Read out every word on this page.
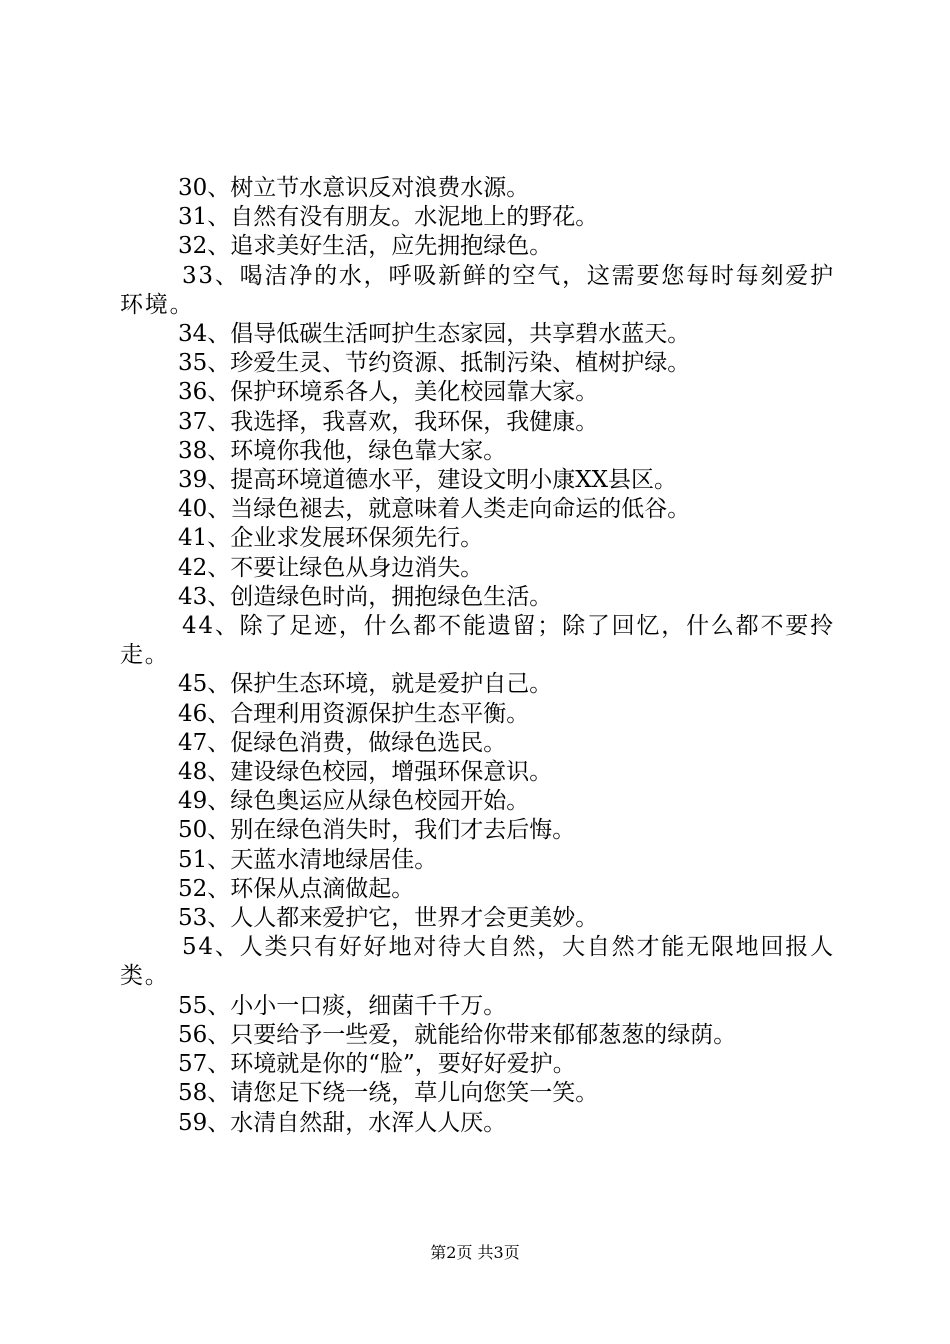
30、树立节水意识反对浪费水源。

31、自然有没有朋友。水泥地上的野花。

32、追求美好生活，应先拥抱绿色。

33、喝洁净的水，呼吸新鲜的空气，这需要您每时每刻爱护环境。

34、倡导低碳生活呵护生态家园，共享碧水蓝天。

35、珍爱生灵、节约资源、抵制污染、植树护绿。

36、保护环境系各人，美化校园靠大家。

37、我选择，我喜欢，我环保，我健康。

38、环境你我他，绿色靠大家。

39、提高环境道德水平，建设文明小康XX县区。

40、当绿色褪去，就意味着人类走向命运的低谷。

41、企业求发展环保须先行。

42、不要让绿色从身边消失。

43、创造绿色时尚，拥抱绿色生活。

44、除了足迹，什么都不能遗留；除了回忆，什么都不要拎走。

45、保护生态环境，就是爱护自己。

46、合理利用资源保护生态平衡。

47、促绿色消费，做绿色选民。

48、建设绿色校园，增强环保意识。

49、绿色奥运应从绿色校园开始。

50、别在绿色消失时，我们才去后悔。

51、天蓝水清地绿居佳。

52、环保从点滴做起。

53、人人都来爱护它，世界才会更美妙。

54、人类只有好好地对待大自然，大自然才能无限地回报人类。

55、小小一口痰，细菌千千万。

56、只要给予一些爱，就能给你带来郁郁葱葱的绿荫。

57、环境就是你的“脸”，要好好爱护。

58、请您足下绕一绕，草儿向您笑一笑。

59、水清自然甜，水浑人人厌。

第2页 共3页
